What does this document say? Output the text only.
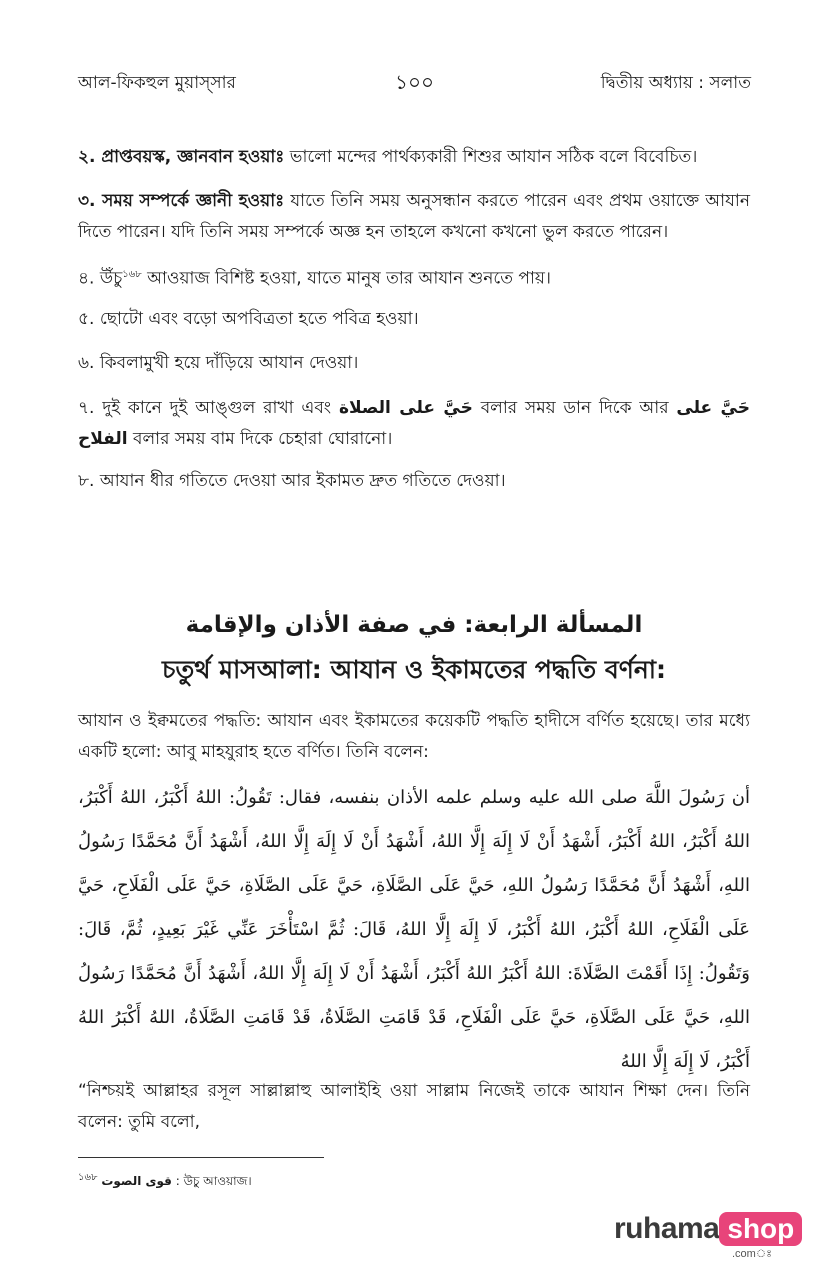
আল-ফিকহুল মুয়াস্‌সার	১০০	দ্বিতীয় অধ্যায় : সলাত
২. প্রাপ্তবয়স্ক, জ্ঞানবান হওয়াঃ ভালো মন্দের পার্থক্যকারী শিশুর আযান সঠিক বলে বিবেচিত।
৩. সময় সম্পর্কে জ্ঞানী হওয়াঃ যাতে তিনি সময় অনুসন্ধান করতে পারেন এবং প্রথম ওয়াক্তে আযান দিতে পারেন। যদি তিনি সময় সম্পর্কে অজ্ঞ হন তাহলে কখনো কখনো ভুল করতে পারেন।
৪. উঁচু$^{১৬৮}$ আওয়াজ বিশিষ্ট হওয়া, যাতে মানুষ তার আযান শুনতে পায়।
৫. ছোটো এবং বড়ো অপবিত্রতা হতে পবিত্র হওয়া।
৬. কিবলামুখী হয়ে দাঁড়িয়ে আযান দেওয়া।
৭. দুই কানে দুই আঙ্গুল রাখা এবং حَيَّ على الصلاة বলার সময় ডান দিকে আর حَيَّ على الفلاح বলার সময় বাম দিকে চেহারা ঘোরানো।
৮. আযান ধীর গতিতে দেওয়া আর ইকামত দ্রুত গতিতে দেওয়া।
المسألة الرابعة: في صفة الأذان والإقامة
চতুর্থ মাসআলা: আযান ও ইকামতের পদ্ধতি বর্ণনা:
আযান ও ইক্বমতের পদ্ধতি: আযান এবং ইকামতের কয়েকটি পদ্ধতি হাদীসে বর্ণিত হয়েছে। তার মধ্যে একটি হলো: আবু মাহযুরাহ হতে বর্ণিত। তিনি বলেন:
أن رَسُولَ اللَّهَ صلى الله عليه وسلم علمه الأذان بنفسه، فقال: تَقُولُ: اللهُ أَكْبَرُ، اللهُ أَكْبَرُ، اللهُ أَكْبَرُ، اللهُ أَكْبَرُ، أَشْهَدُ أَنْ لَا إِلَهَ إِلَّا اللهُ، أَشْهَدُ أَنْ لَا إِلَهَ إِلَّا اللهُ، أَشْهَدُ أَنَّ مُحَمَّدًا رَسُولُ اللهِ، أَشْهَدُ أَنَّ مُحَمَّدًا رَسُولُ اللهِ، حَيَّ عَلَى الصَّلَاةِ، حَيَّ عَلَى الصَّلَاةِ، حَيَّ عَلَى الْفَلَاحِ، حَيَّ عَلَى الْفَلَاحِ، اللهُ أَكْبَرُ، اللهُ أَكْبَرُ، لَا إِلَهَ إِلَّا اللهُ، قَالَ: ثُمَّ اسْتَأْخَرَ عَنِّي غَيْرَ بَعِيدٍ، ثُمَّ، قَالَ: وَتَقُولُ: إِذَا أَقَمْتَ الصَّلَاةَ: اللهُ أَكْبَرُ اللهُ أَكْبَرُ، أَشْهَدُ أَنْ لَا إِلَهَ إِلَّا اللهُ، أَشْهَدُ أَنَّ مُحَمَّدًا رَسُولُ اللهِ، حَيَّ عَلَى الصَّلَاةِ، حَيَّ عَلَى الْفَلَاحِ، قَدْ قَامَتِ الصَّلَاةُ، قَدْ قَامَتِ الصَّلَاةُ، اللهُ أَكْبَرُ اللهُ أَكْبَرُ، لَا إِلَهَ إِلَّا اللهُ
“নিশ্চয়ই আল্লাহর রসূল সাল্লাল্লাহু আলাইহি ওয়া সাল্লাম নিজেই তাকে আযান শিক্ষা দেন। তিনি বলেন: তুমি বলো,
$^{১৬৮}$ قوى الصوت : উচু আওয়াজ।
ruhama shop
.comঃ
